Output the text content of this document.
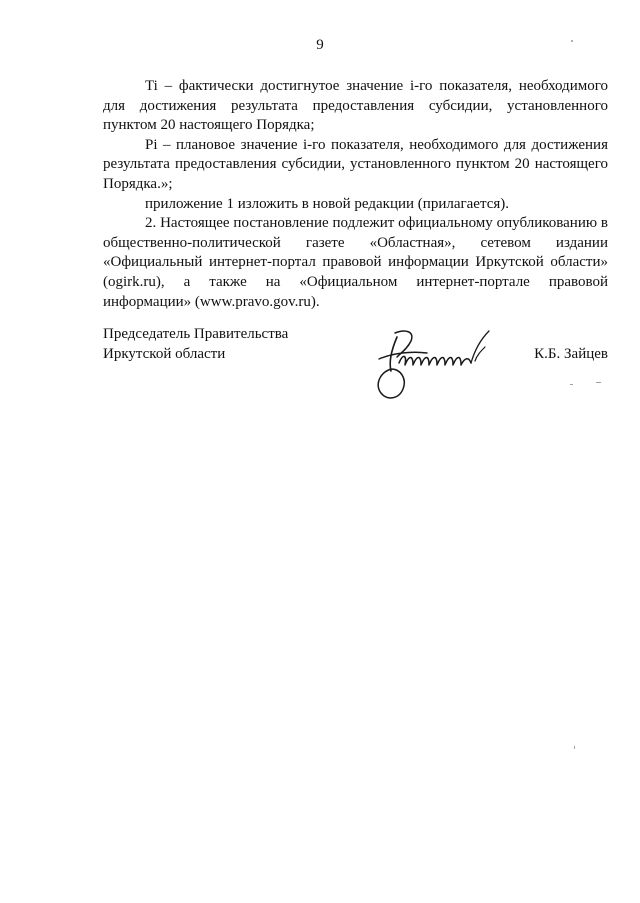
9

Ti – фактически достигнутое значение i-го показателя, необходимого для достижения результата предоставления субсидии, установленного пунктом 20 настоящего Порядка;

Pi – плановое значение i-го показателя, необходимого для достижения результата предоставления субсидии, установленного пунктом 20 настоящего Порядка.»;

приложение 1 изложить в новой редакции (прилагается).

2. Настоящее постановление подлежит официальному опубликованию в общественно-политической газете «Областная», сетевом издании «Официальный интернет-портал правовой информации Иркутской области» (ogirk.ru), а также на «Официальном интернет-портале правовой информации» (www.pravo.gov.ru).

Председатель Правительства
Иркутской области	К.Б. Зайцев
